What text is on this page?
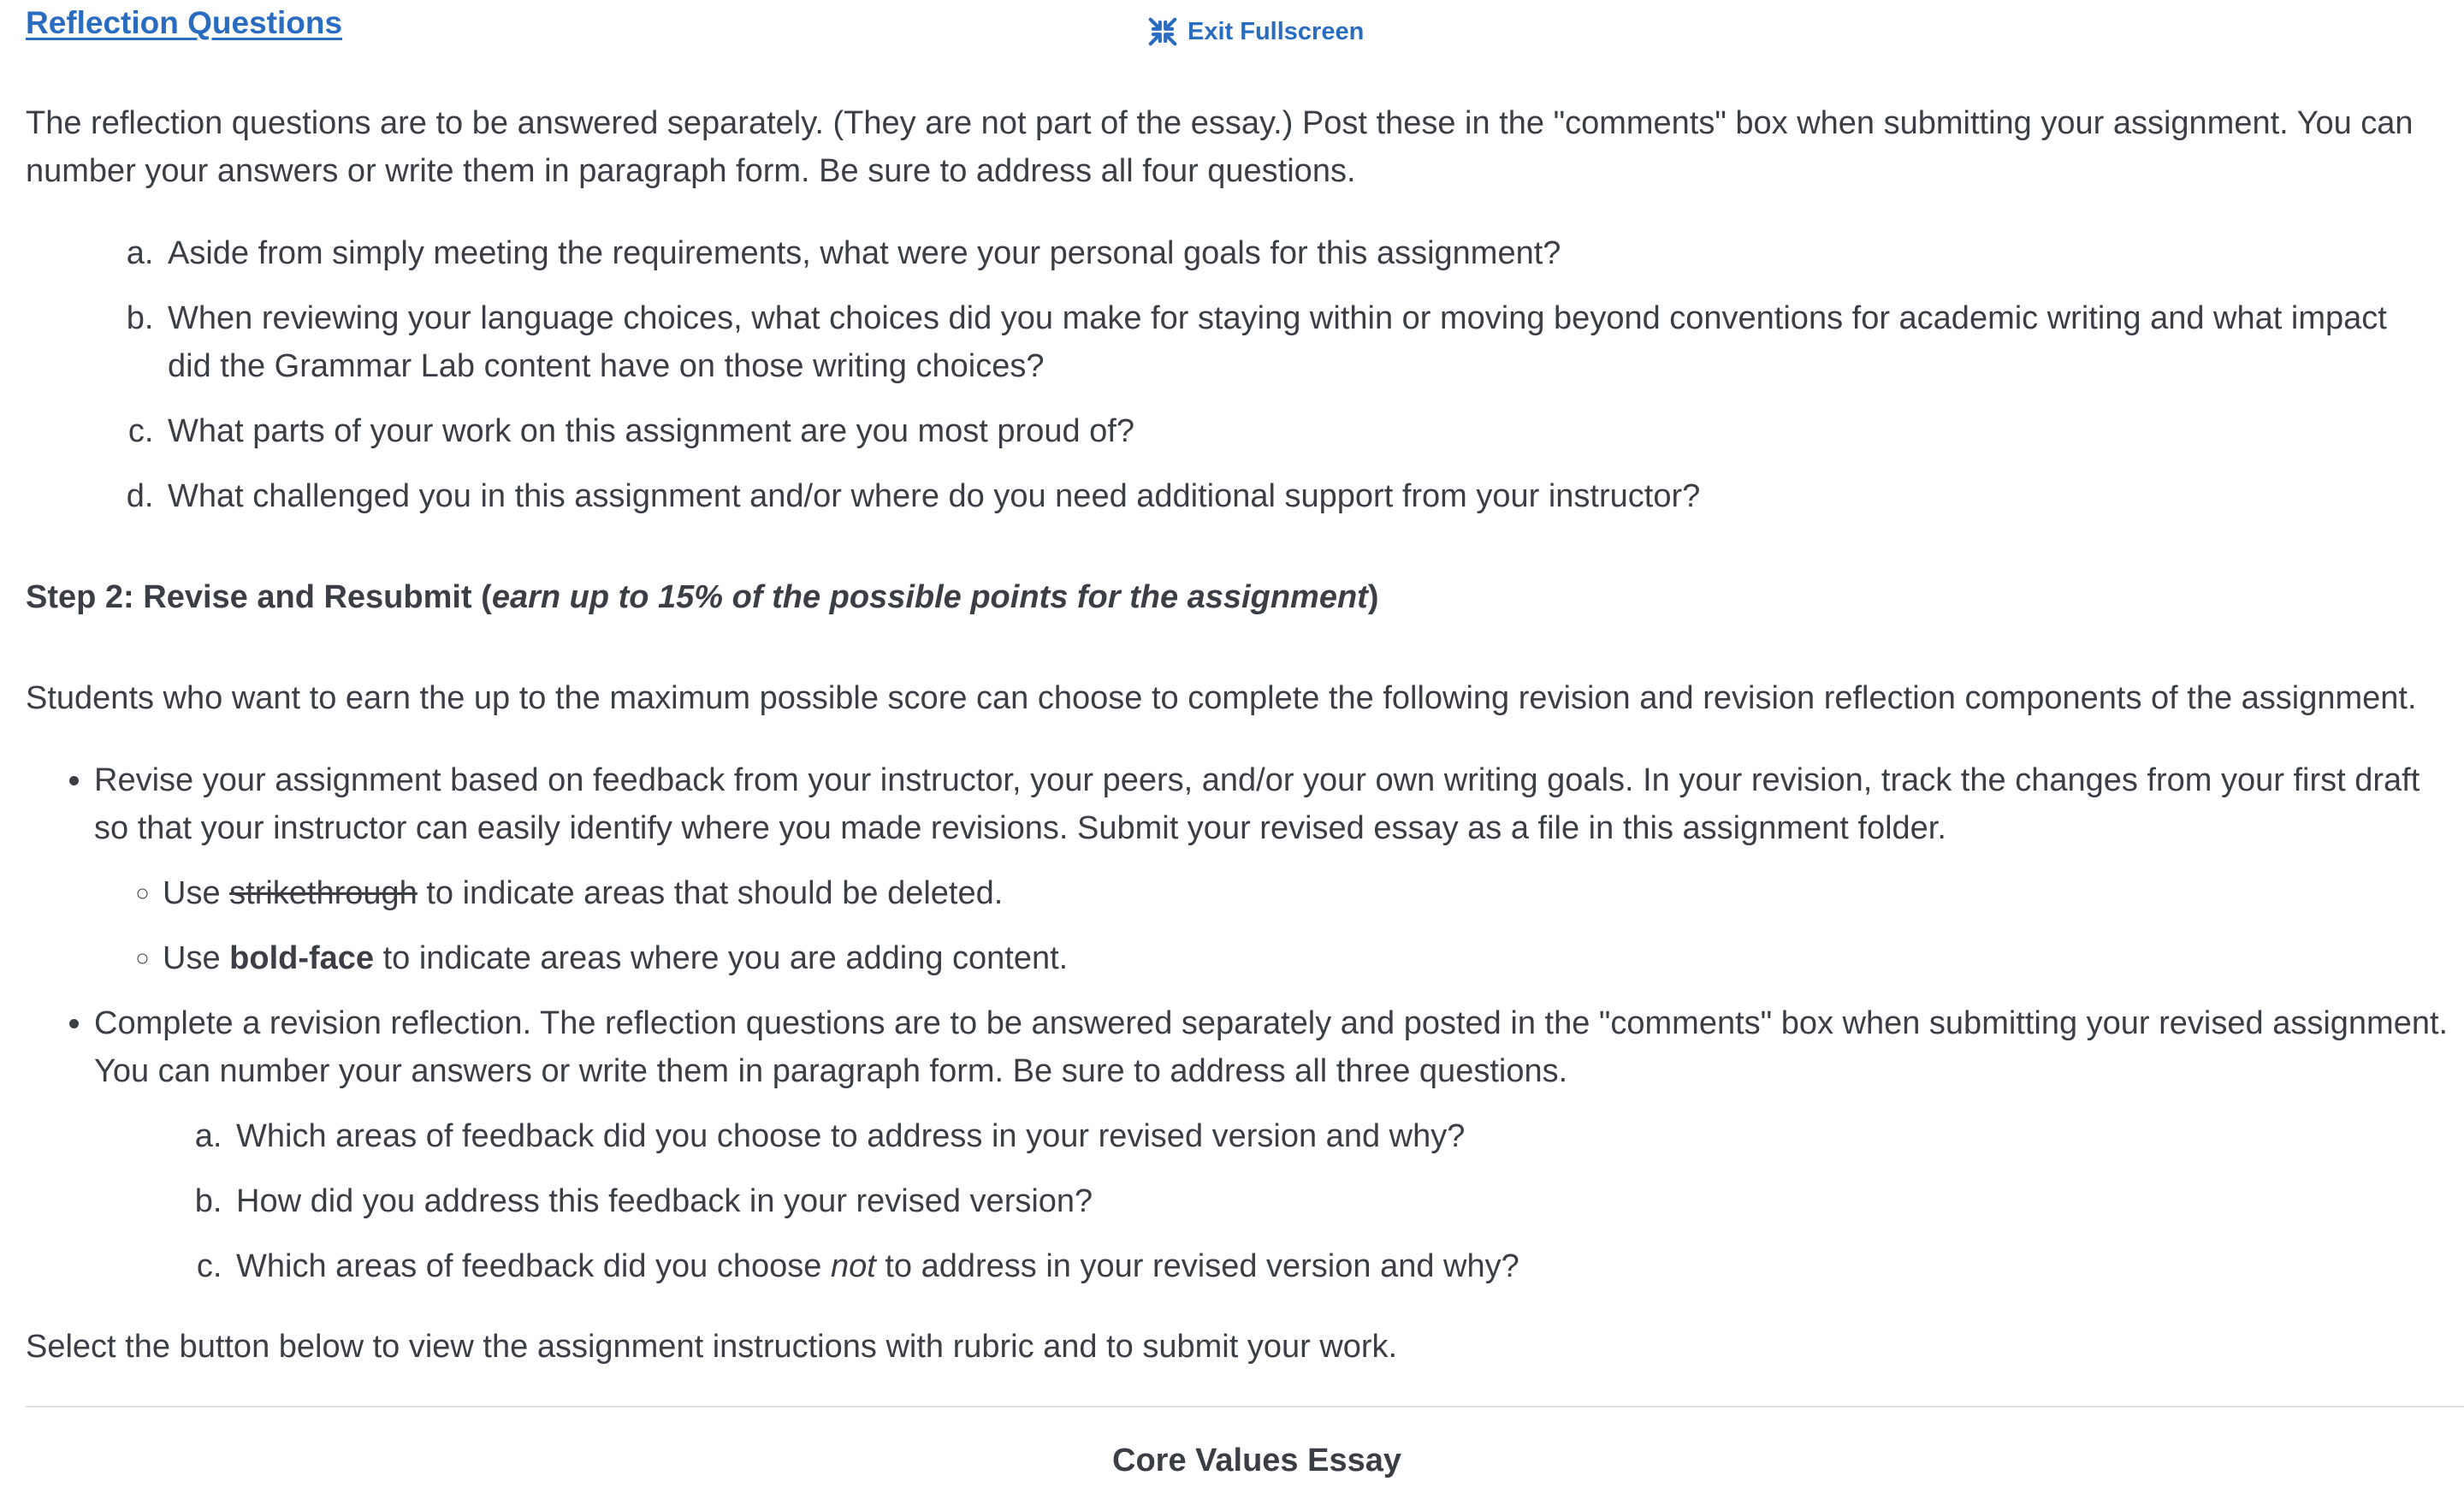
Reflection Questions	Exit Fullscreen

The reflection questions are to be answered separately. (They are not part of the essay.) Post these in the "comments" box when submitting your assignment. You can number your answers or write them in paragraph form. Be sure to address all four questions.

a. Aside from simply meeting the requirements, what were your personal goals for this assignment?
b. When reviewing your language choices, what choices did you make for staying within or moving beyond conventions for academic writing and what impact did the Grammar Lab content have on those writing choices?
c. What parts of your work on this assignment are you most proud of?
d. What challenged you in this assignment and/or where do you need additional support from your instructor?

Step 2: Revise and Resubmit (earn up to 15% of the possible points for the assignment)

Students who want to earn the up to the maximum possible score can choose to complete the following revision and revision reflection components of the assignment.

• Revise your assignment based on feedback from your instructor, your peers, and/or your own writing goals. In your revision, track the changes from your first draft so that your instructor can easily identify where you made revisions. Submit your revised essay as a file in this assignment folder.
◦ Use strikethrough to indicate areas that should be deleted.
◦ Use bold-face to indicate areas where you are adding content.
• Complete a revision reflection. The reflection questions are to be answered separately and posted in the "comments" box when submitting your revised assignment. You can number your answers or write them in paragraph form. Be sure to address all three questions.
a. Which areas of feedback did you choose to address in your revised version and why?
b. How did you address this feedback in your revised version?
c. Which areas of feedback did you choose not to address in your revised version and why?

Select the button below to view the assignment instructions with rubric and to submit your work.

Core Values Essay
